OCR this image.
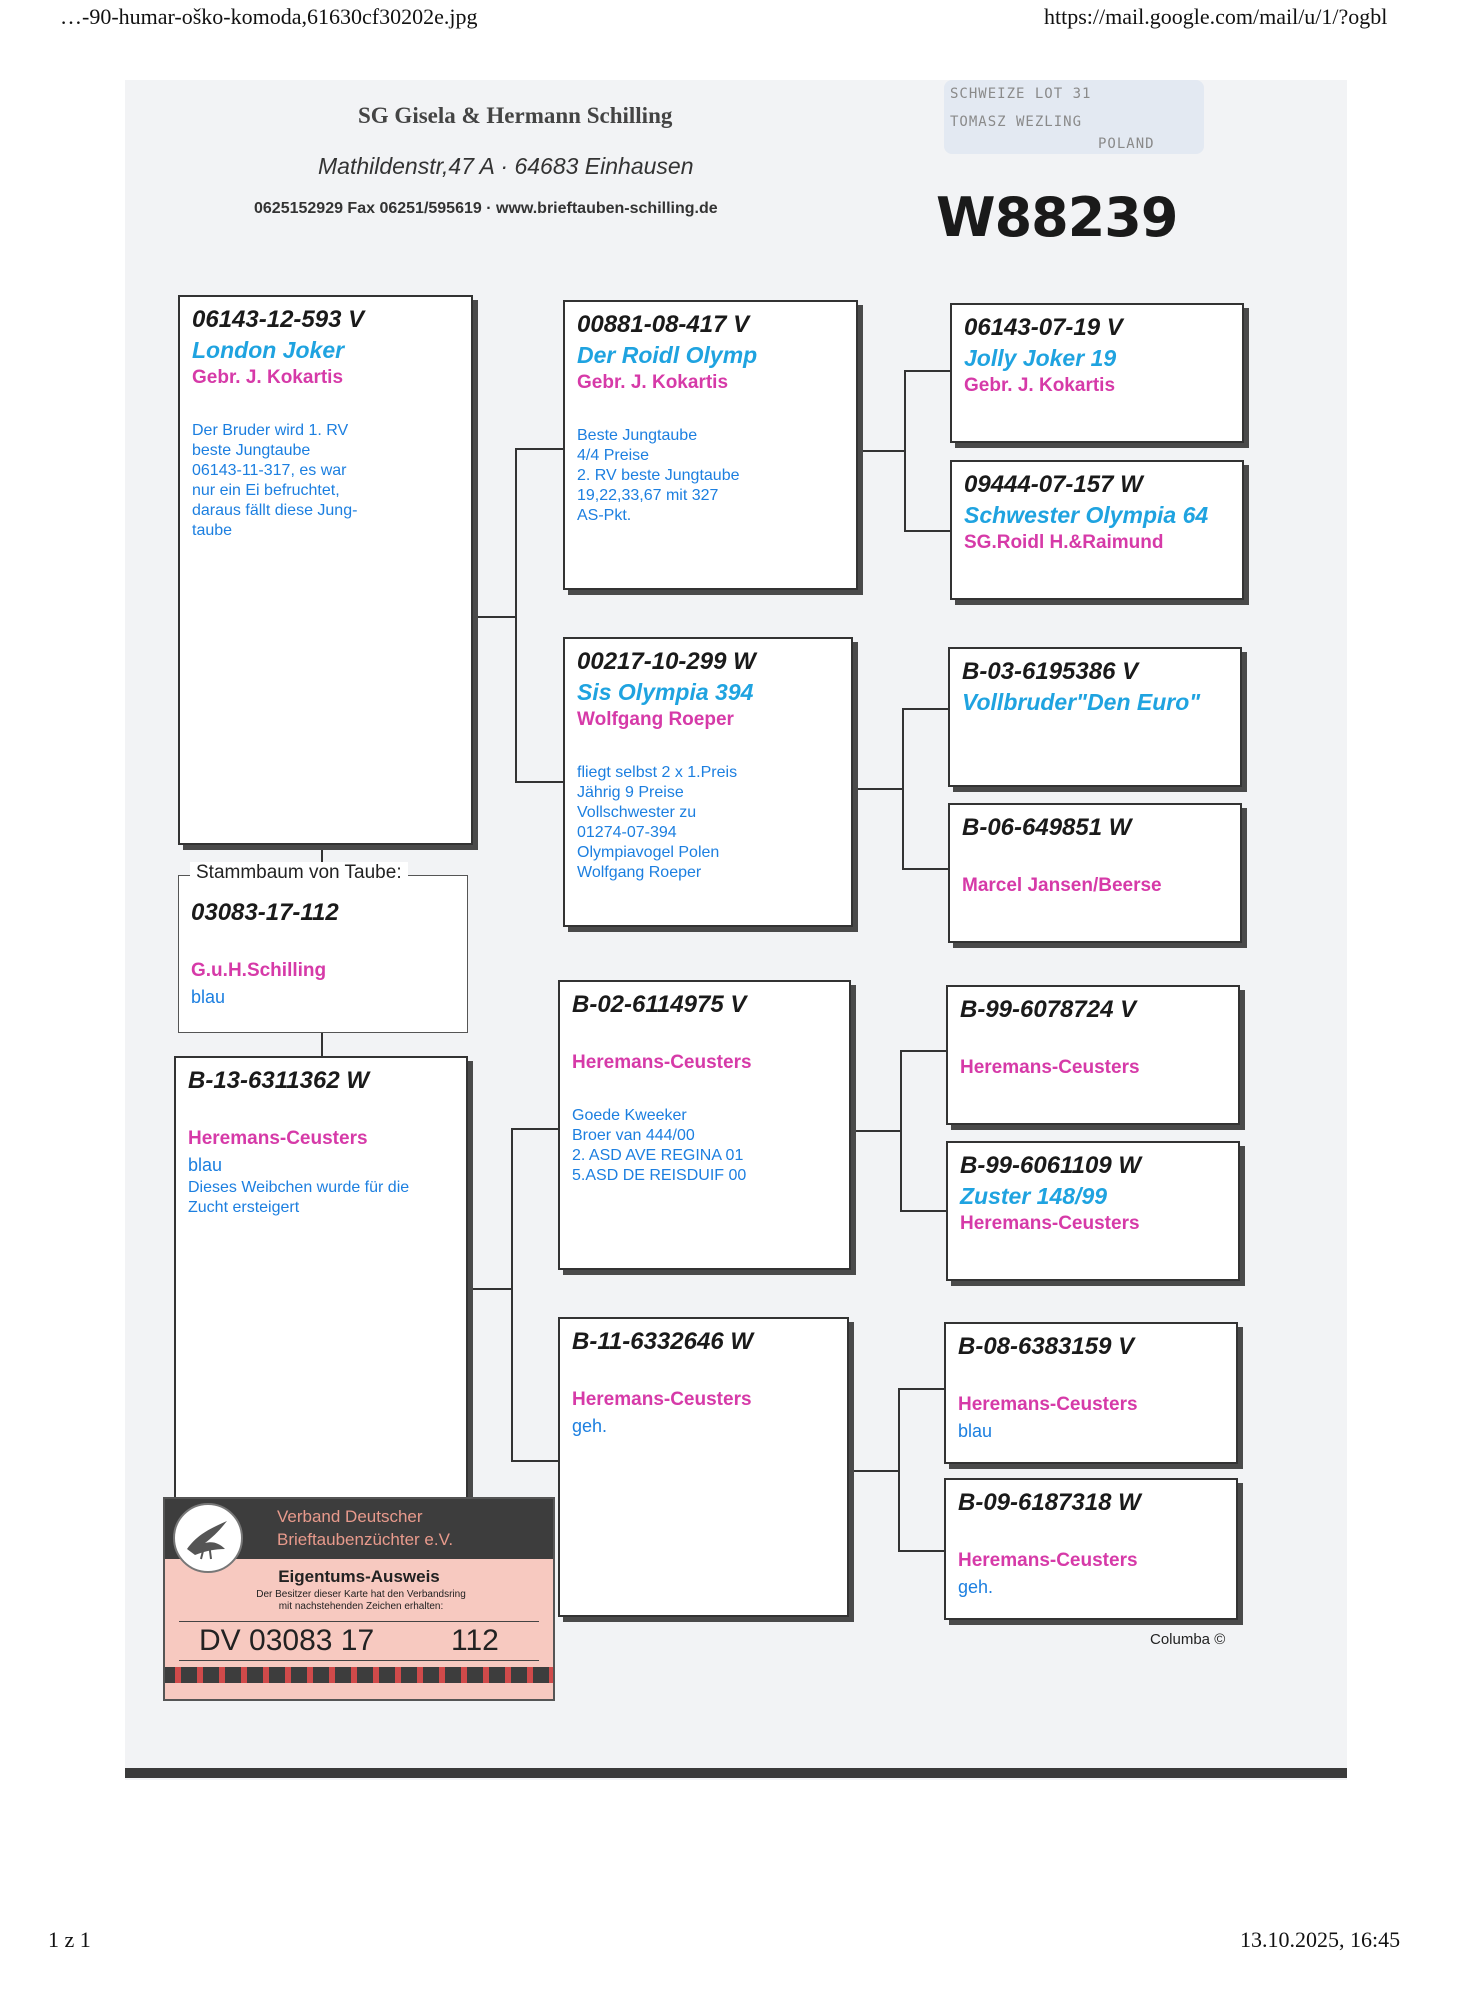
…-90-humar-oško-komoda,61630cf30202e.jpg	https://mail.google.com/mail/u/1/?ogbl
SG Gisela & Hermann Schilling
Mathildenstr,47 A · 64683 Einhausen
0625152929 Fax 06251/595619 · www.brieftauben-schilling.de
SCHWEIZE LOT 31
TOMASZ WEZLING
POLAND
W88239
06143-12-593 V
London Joker
Gebr. J. Kokartis
Der Bruder wird 1. RV
beste Jungtaube
06143-11-317, es war
nur ein Ei befruchtet,
daraus fällt diese Jung-
taube
03083-17-112
G.u.H.Schilling
blau
Stammbaum von Taube:
B-13-6311362 W
Heremans-Ceusters
blau
Dieses Weibchen wurde für die
Zucht ersteigert
00881-08-417 V
Der Roidl Olymp
Gebr. J. Kokartis
Beste Jungtaube
4/4 Preise
2. RV beste Jungtaube
19,22,33,67 mit 327
AS-Pkt.
00217-10-299 W
Sis Olympia 394
Wolfgang Roeper
fliegt selbst 2 x 1.Preis
Jährig 9 Preise
Vollschwester zu
01274-07-394
Olympiavogel Polen
Wolfgang Roeper
B-02-6114975 V
Heremans-Ceusters
Goede Kweeker
Broer van 444/00
2. ASD AVE REGINA 01
5.ASD DE REISDUIF 00
B-11-6332646 W
Heremans-Ceusters
geh.
06143-07-19 V
Jolly Joker 19
Gebr. J. Kokartis
09444-07-157 W
Schwester Olympia 64
SG.Roidl H.&Raimund
B-03-6195386 V
Vollbruder"Den Euro"
B-06-649851 W
Marcel Jansen/Beerse
B-99-6078724 V
Heremans-Ceusters
B-99-6061109 W
Zuster 148/99
Heremans-Ceusters
B-08-6383159 V
Heremans-Ceusters
blau
B-09-6187318 W
Heremans-Ceusters
geh.
Columba ©
Verband Deutscher
Brieftaubenzüchter e.V.
Eigentums-Ausweis
Der Besitzer dieser Karte hat den Verbandsring
mit nachstehenden Zeichen erhalten:
DV 03083 17	112
1 z 1	13.10.2025, 16:45
